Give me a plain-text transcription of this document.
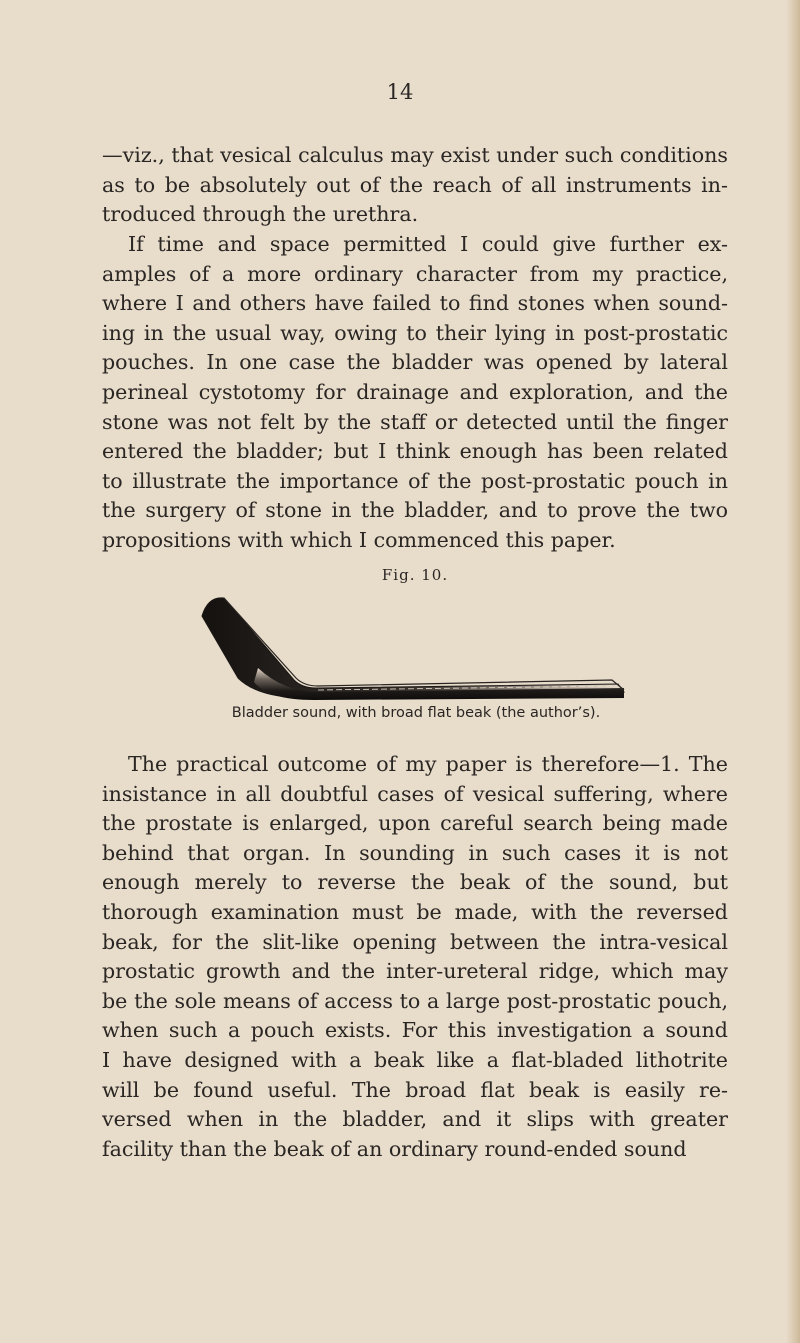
14
—viz., that vesical calculus may exist under such conditions
as to be absolutely out of the reach of all instruments in-
troduced through the urethra.
If time and space permitted I could give further ex-
amples of a more ordinary character from my practice,
where I and others have failed to find stones when sound-
ing in the usual way, owing to their lying in post-prostatic
pouches. In one case the bladder was opened by lateral
perineal cystotomy for drainage and exploration, and the
stone was not felt by the staff or detected until the finger
entered the bladder; but I think enough has been related
to illustrate the importance of the post-prostatic pouch in
the surgery of stone in the bladder, and to prove the two
propositions with which I commenced this paper.
Fig. 10.
Bladder sound, with broad flat beak (the author’s).
The practical outcome of my paper is therefore—1. The
insistance in all doubtful cases of vesical suffering, where
the prostate is enlarged, upon careful search being made
behind that organ. In sounding in such cases it is not
enough merely to reverse the beak of the sound, but
thorough examination must be made, with the reversed
beak, for the slit-like opening between the intra-vesical
prostatic growth and the inter-ureteral ridge, which may
be the sole means of access to a large post-prostatic pouch,
when such a pouch exists. For this investigation a sound
I have designed with a beak like a flat-bladed lithotrite
will be found useful. The broad flat beak is easily re-
versed when in the bladder, and it slips with greater
facility than the beak of an ordinary round-ended sound
